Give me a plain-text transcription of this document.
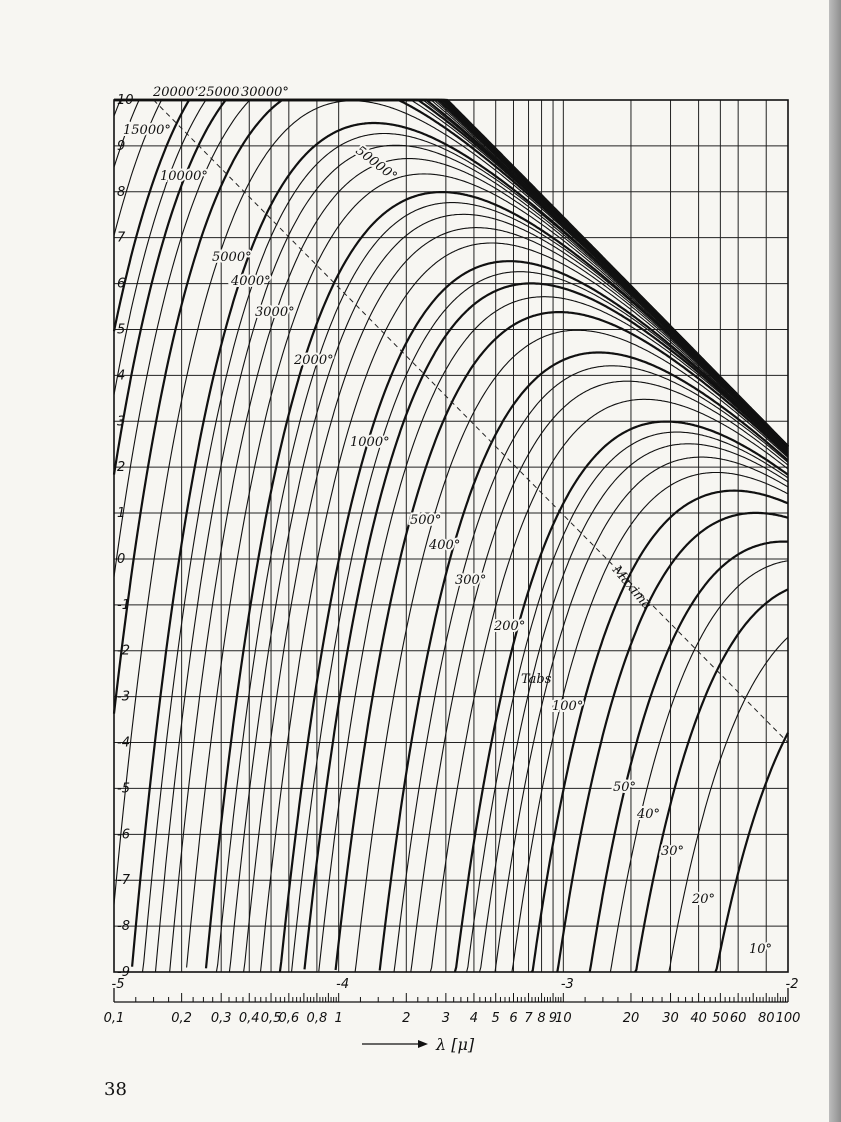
10
9
8
7
6
5
4
3
2
1
0
-1
-2
-3
-4
-5
-6
-7
-8
-9
0,1	0,2 0,3 0,4 0,5
0,6 0,8 1	2 3 4 5 6 7 8 9
10	20 30 40 50 60 80 100
-5	-4	-3	-2
20000°
25000°
30000°
15000°
10000°	50000°
5000°
4000°
3000°
2000°
1000°
500°
400°
300°
200°
100°
50°
40°
30°
20°
10°
Tabs
Maxima
λ [μ]
38
